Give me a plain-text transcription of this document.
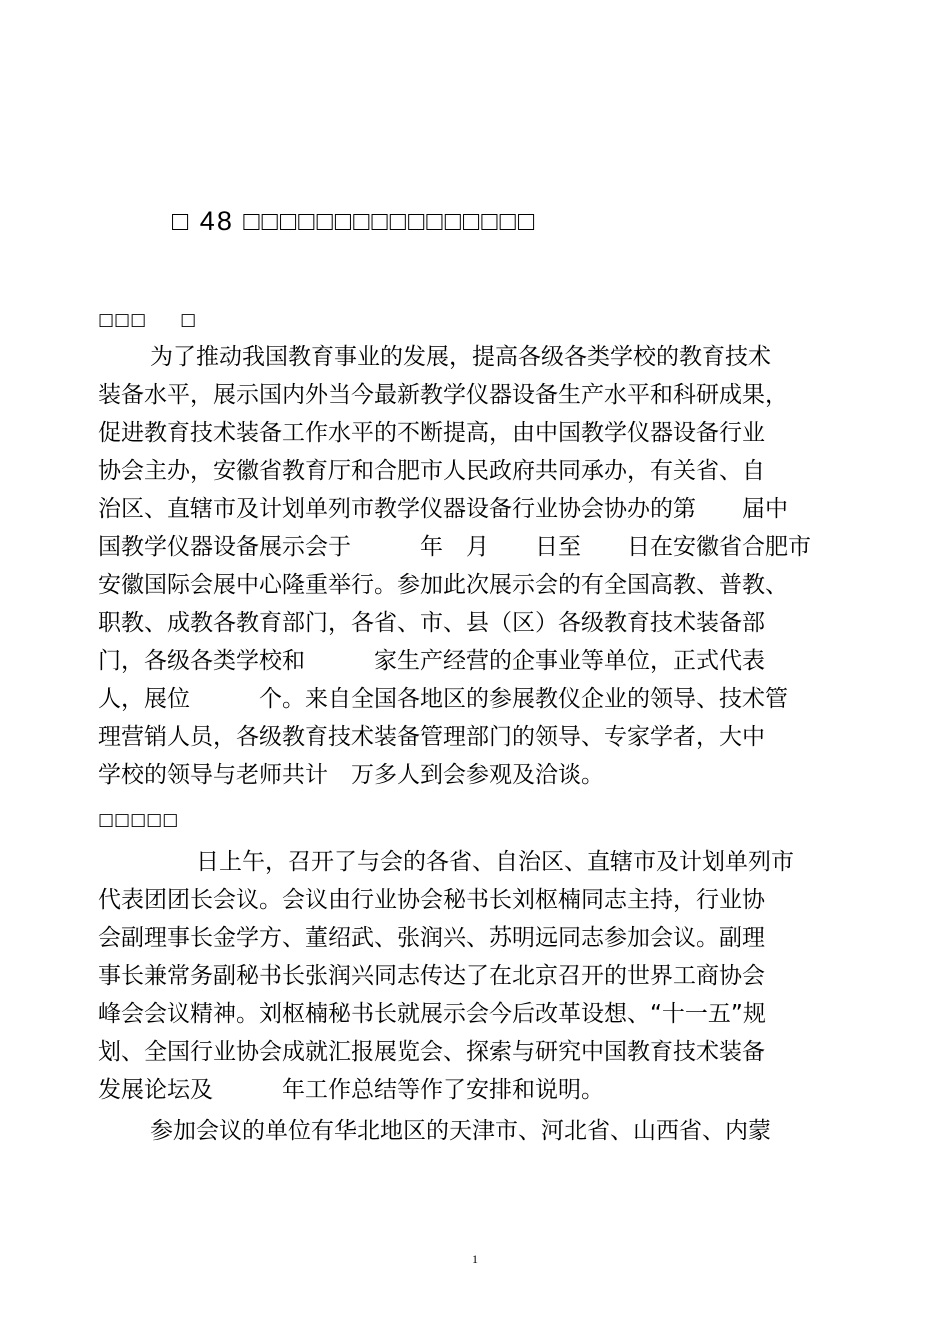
□ 48 □□□□□□□□□□□□□□□□
□□□　　□
为了推动我国教育事业的发展，提高各级各类学校的教育技术
装备水平，展示国内外当今最新教学仪器设备生产水平和科研成果，
促进教育技术装备工作水平的不断提高，由中国教学仪器设备行业
协会主办，安徽省教育厅和合肥市人民政府共同承办，有关省、自
治区、直辖市及计划单列市教学仪器设备行业协会协办的第　　届中
国教学仪器设备展示会于　　　年　月　　日至　　日在安徽省合肥市
安徽国际会展中心隆重举行。参加此次展示会的有全国高教、普教、
职教、成教各教育部门，各省、市、县（区）各级教育技术装备部
门，各级各类学校和　　　家生产经营的企事业等单位，正式代表
人，展位　　　个。来自全国各地区的参展教仪企业的领导、技术管
理营销人员，各级教育技术装备管理部门的领导、专家学者，大中
学校的领导与老师共计　万多人到会参观及洽谈。
□□□□□
　　日上午，召开了与会的各省、自治区、直辖市及计划单列市
代表团团长会议。会议由行业协会秘书长刘枢楠同志主持，行业协
会副理事长金学方、董绍武、张润兴、苏明远同志参加会议。副理
事长兼常务副秘书长张润兴同志传达了在北京召开的世界工商协会
峰会会议精神。刘枢楠秘书长就展示会今后改革设想、“十一五”规
划、全国行业协会成就汇报展览会、探索与研究中国教育技术装备
发展论坛及　　　年工作总结等作了安排和说明。
参加会议的单位有华北地区的天津市、河北省、山西省、内蒙
1
